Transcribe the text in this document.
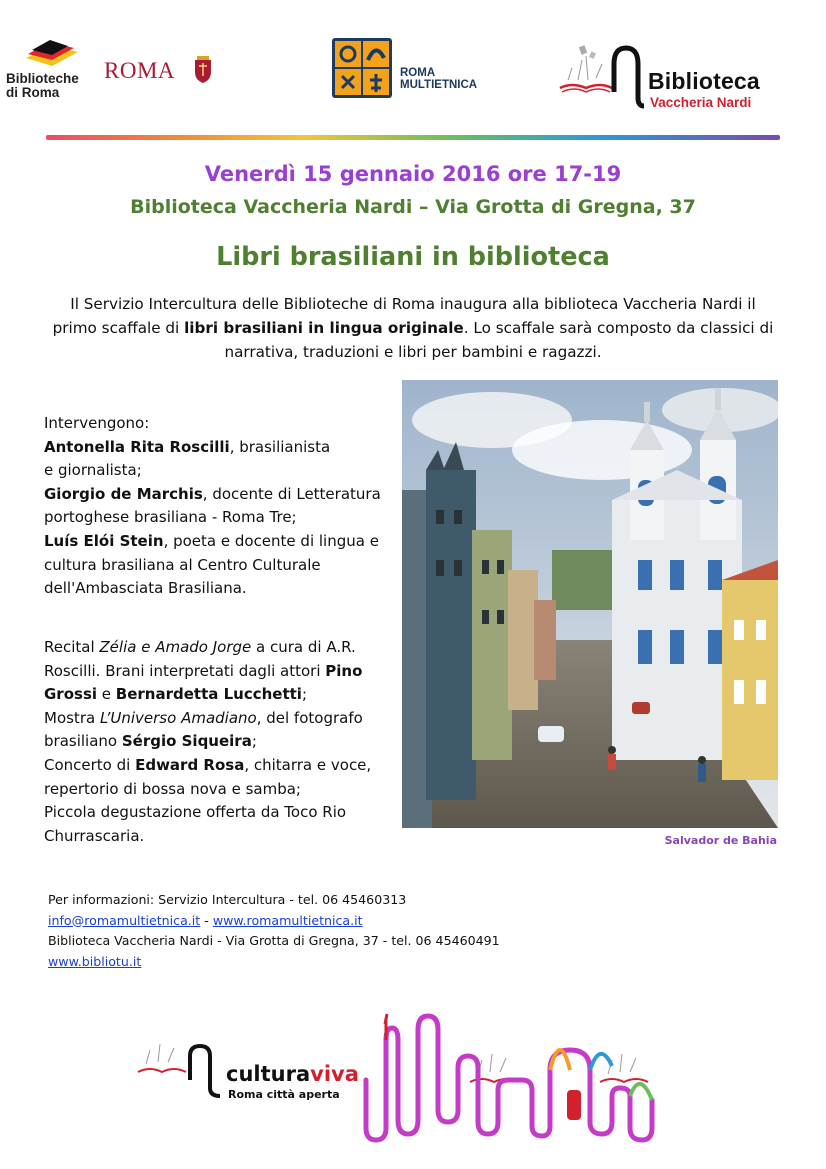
Biblioteche
di Roma
ROMA	ROMA
MULTIETNICA	Biblioteca
Vaccheria Nardi
Venerdì 15 gennaio 2016 ore 17-19
Biblioteca Vaccheria Nardi – Via Grotta di Gregna, 37
Libri brasiliani in biblioteca

Il Servizio Intercultura delle Biblioteche di Roma inaugura alla biblioteca Vaccheria Nardi il primo scaffale di libri brasiliani in lingua originale. Lo scaffale sarà composto da classici di narrativa, traduzioni e libri per bambini e ragazzi.

Intervengono:
Antonella Rita Roscilli, brasilianista
e giornalista;
Giorgio de Marchis, docente di Letteratura
portoghese brasiliana - Roma Tre;
Luís Elói Stein, poeta e docente di lingua e
cultura brasiliana al Centro Culturale
dell'Ambasciata Brasiliana.
Recital Zélia e Amado Jorge a cura di A.R.
Roscilli. Brani interpretati dagli attori Pino
Grossi e Bernardetta Lucchetti;
Mostra L’Universo Amadiano, del fotografo
brasiliano Sérgio Siqueira;
Concerto di Edward Rosa, chitarra e voce,
repertorio di bossa nova e samba;
Piccola degustazione offerta da Toco Rio
Churrascaria.	Salvador de Bahia
Per informazioni: Servizio Intercultura - tel. 06 45460313
info@romamultietnica.it - www.romamultietnica.it
Biblioteca Vaccheria Nardi - Via Grotta di Gregna, 37 - tel. 06 45460491
www.bibliotu.it
culturaviva
Roma città aperta
